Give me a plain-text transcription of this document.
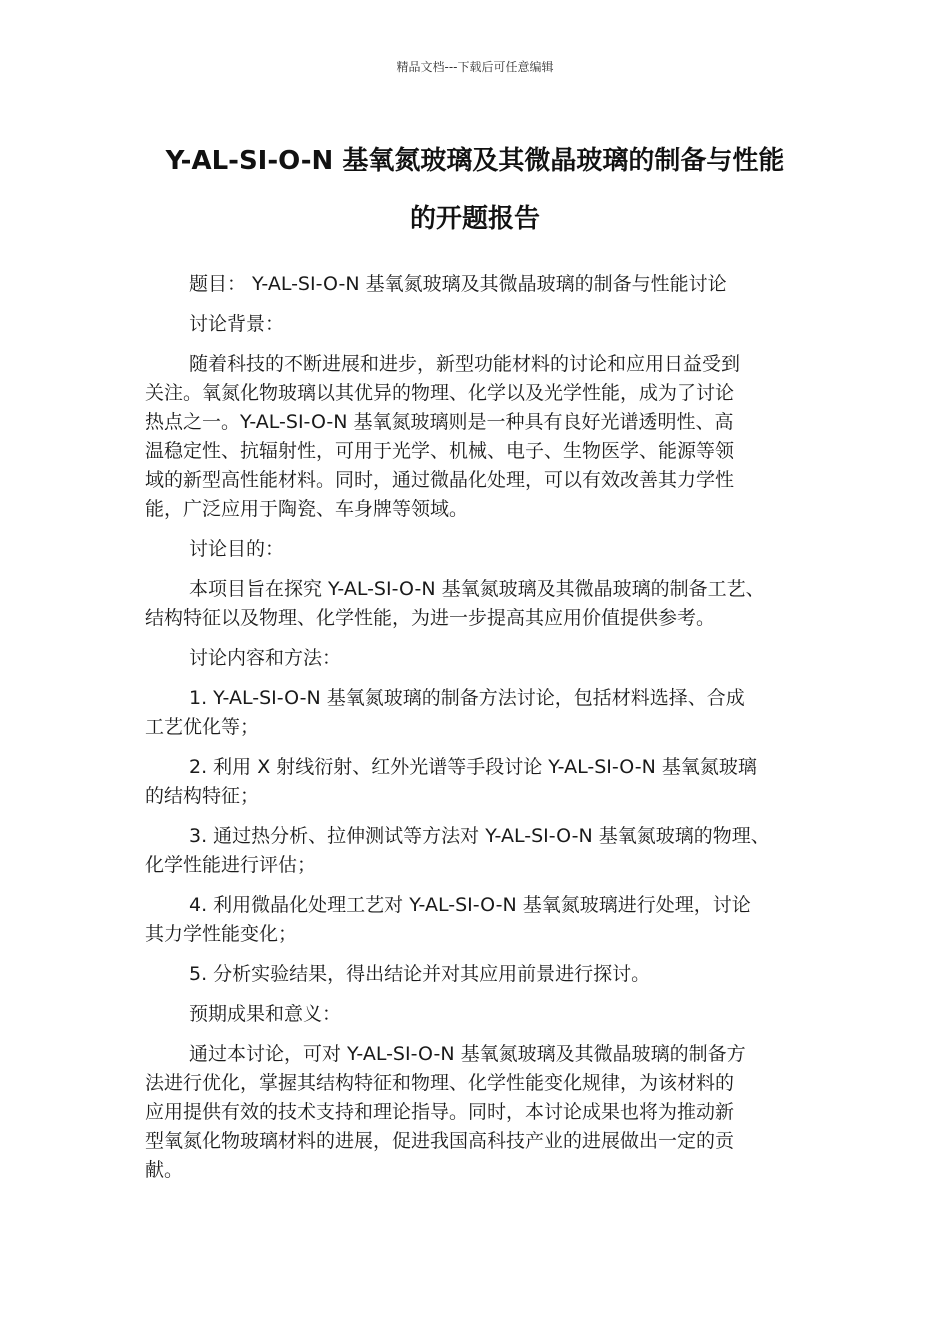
精品文档---下载后可任意编辑
Y-AL-SI-O-N 基氧氮玻璃及其微晶玻璃的制备与性能
的开题报告
题目： Y-AL-SI-O-N 基氧氮玻璃及其微晶玻璃的制备与性能讨论
讨论背景：
随着科技的不断进展和进步，新型功能材料的讨论和应用日益受到
关注。氧氮化物玻璃以其优异的物理、化学以及光学性能，成为了讨论
热点之一。Y-AL-SI-O-N 基氧氮玻璃则是一种具有良好光谱透明性、高
温稳定性、抗辐射性，可用于光学、机械、电子、生物医学、能源等领
域的新型高性能材料。同时，通过微晶化处理，可以有效改善其力学性
能，广泛应用于陶瓷、车身牌等领域。
讨论目的：
本项目旨在探究 Y-AL-SI-O-N 基氧氮玻璃及其微晶玻璃的制备工艺、
结构特征以及物理、化学性能，为进一步提高其应用价值提供参考。
讨论内容和方法：
1. Y-AL-SI-O-N 基氧氮玻璃的制备方法讨论，包括材料选择、合成
工艺优化等；
2. 利用 X 射线衍射、红外光谱等手段讨论 Y-AL-SI-O-N 基氧氮玻璃
的结构特征；
3. 通过热分析、拉伸测试等方法对 Y-AL-SI-O-N 基氧氮玻璃的物理、
化学性能进行评估；
4. 利用微晶化处理工艺对 Y-AL-SI-O-N 基氧氮玻璃进行处理，讨论
其力学性能变化；
5. 分析实验结果，得出结论并对其应用前景进行探讨。
预期成果和意义：
通过本讨论，可对 Y-AL-SI-O-N 基氧氮玻璃及其微晶玻璃的制备方
法进行优化，掌握其结构特征和物理、化学性能变化规律，为该材料的
应用提供有效的技术支持和理论指导。同时，本讨论成果也将为推动新
型氧氮化物玻璃材料的进展，促进我国高科技产业的进展做出一定的贡
献。
